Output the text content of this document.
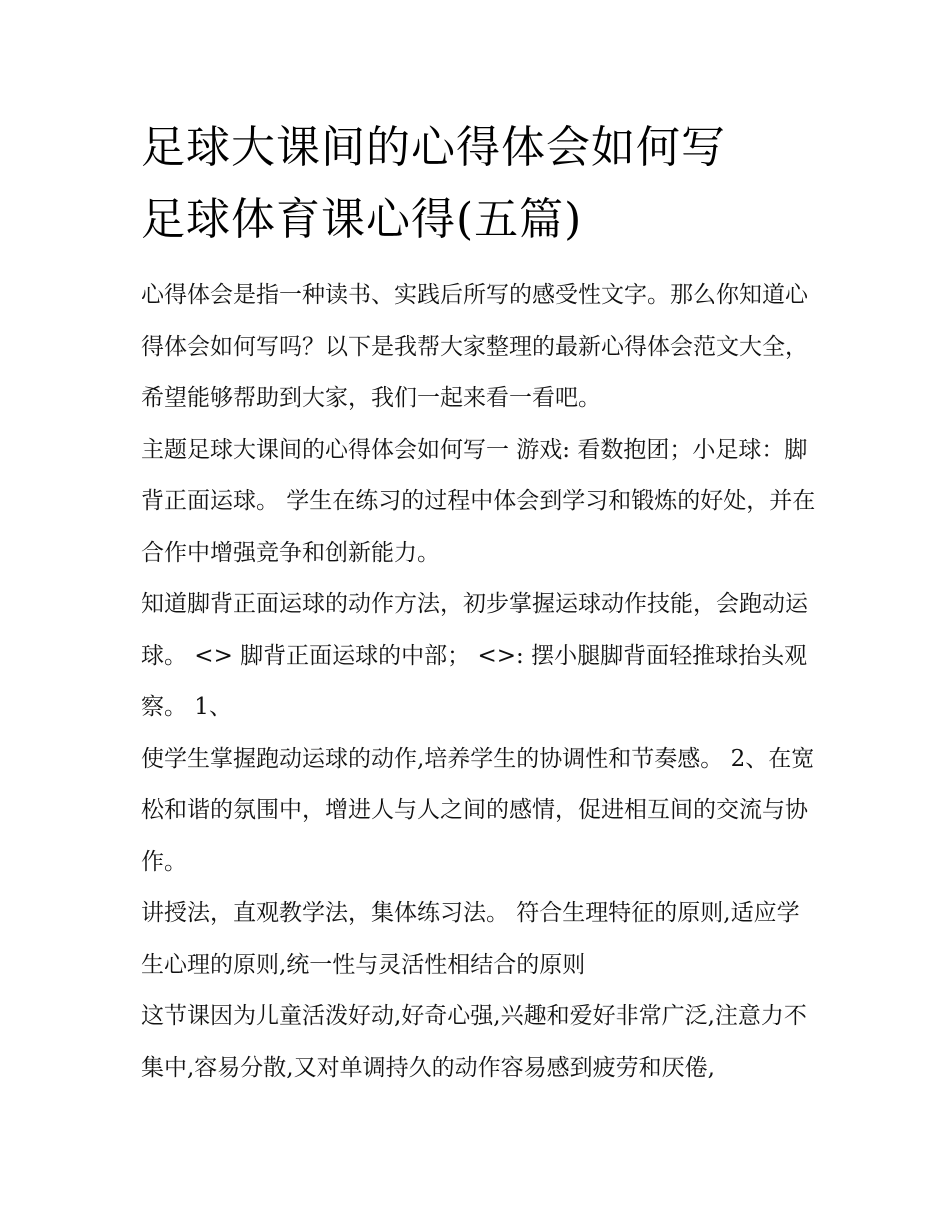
足球大课间的心得体会如何写
足球体育课心得(五篇)

心得体会是指一种读书、实践后所写的感受性文字。那么你知道心得体会如何写吗？以下是我帮大家整理的最新心得体会范文大全，希望能够帮助到大家，我们一起来看一看吧。

主题足球大课间的心得体会如何写一 游戏: 看数抱团；小足球：脚背正面运球。 学生在练习的过程中体会到学习和锻炼的好处，并在合作中增强竞争和创新能力。

知道脚背正面运球的动作方法，初步掌握运球动作技能，会跑动运球。 <> 脚背正面运球的中部； <>: 摆小腿脚背面轻推球抬头观察。 1、

使学生掌握跑动运球的动作,培养学生的协调性和节奏感。 2、在宽松和谐的氛围中，增进人与人之间的感情，促进相互间的交流与协作。

讲授法，直观教学法，集体练习法。 符合生理特征的原则,适应学生心理的原则,统一性与灵活性相结合的原则

这节课因为儿童活泼好动,好奇心强,兴趣和爱好非常广泛,注意力不集中,容易分散,又对单调持久的动作容易感到疲劳和厌倦,
